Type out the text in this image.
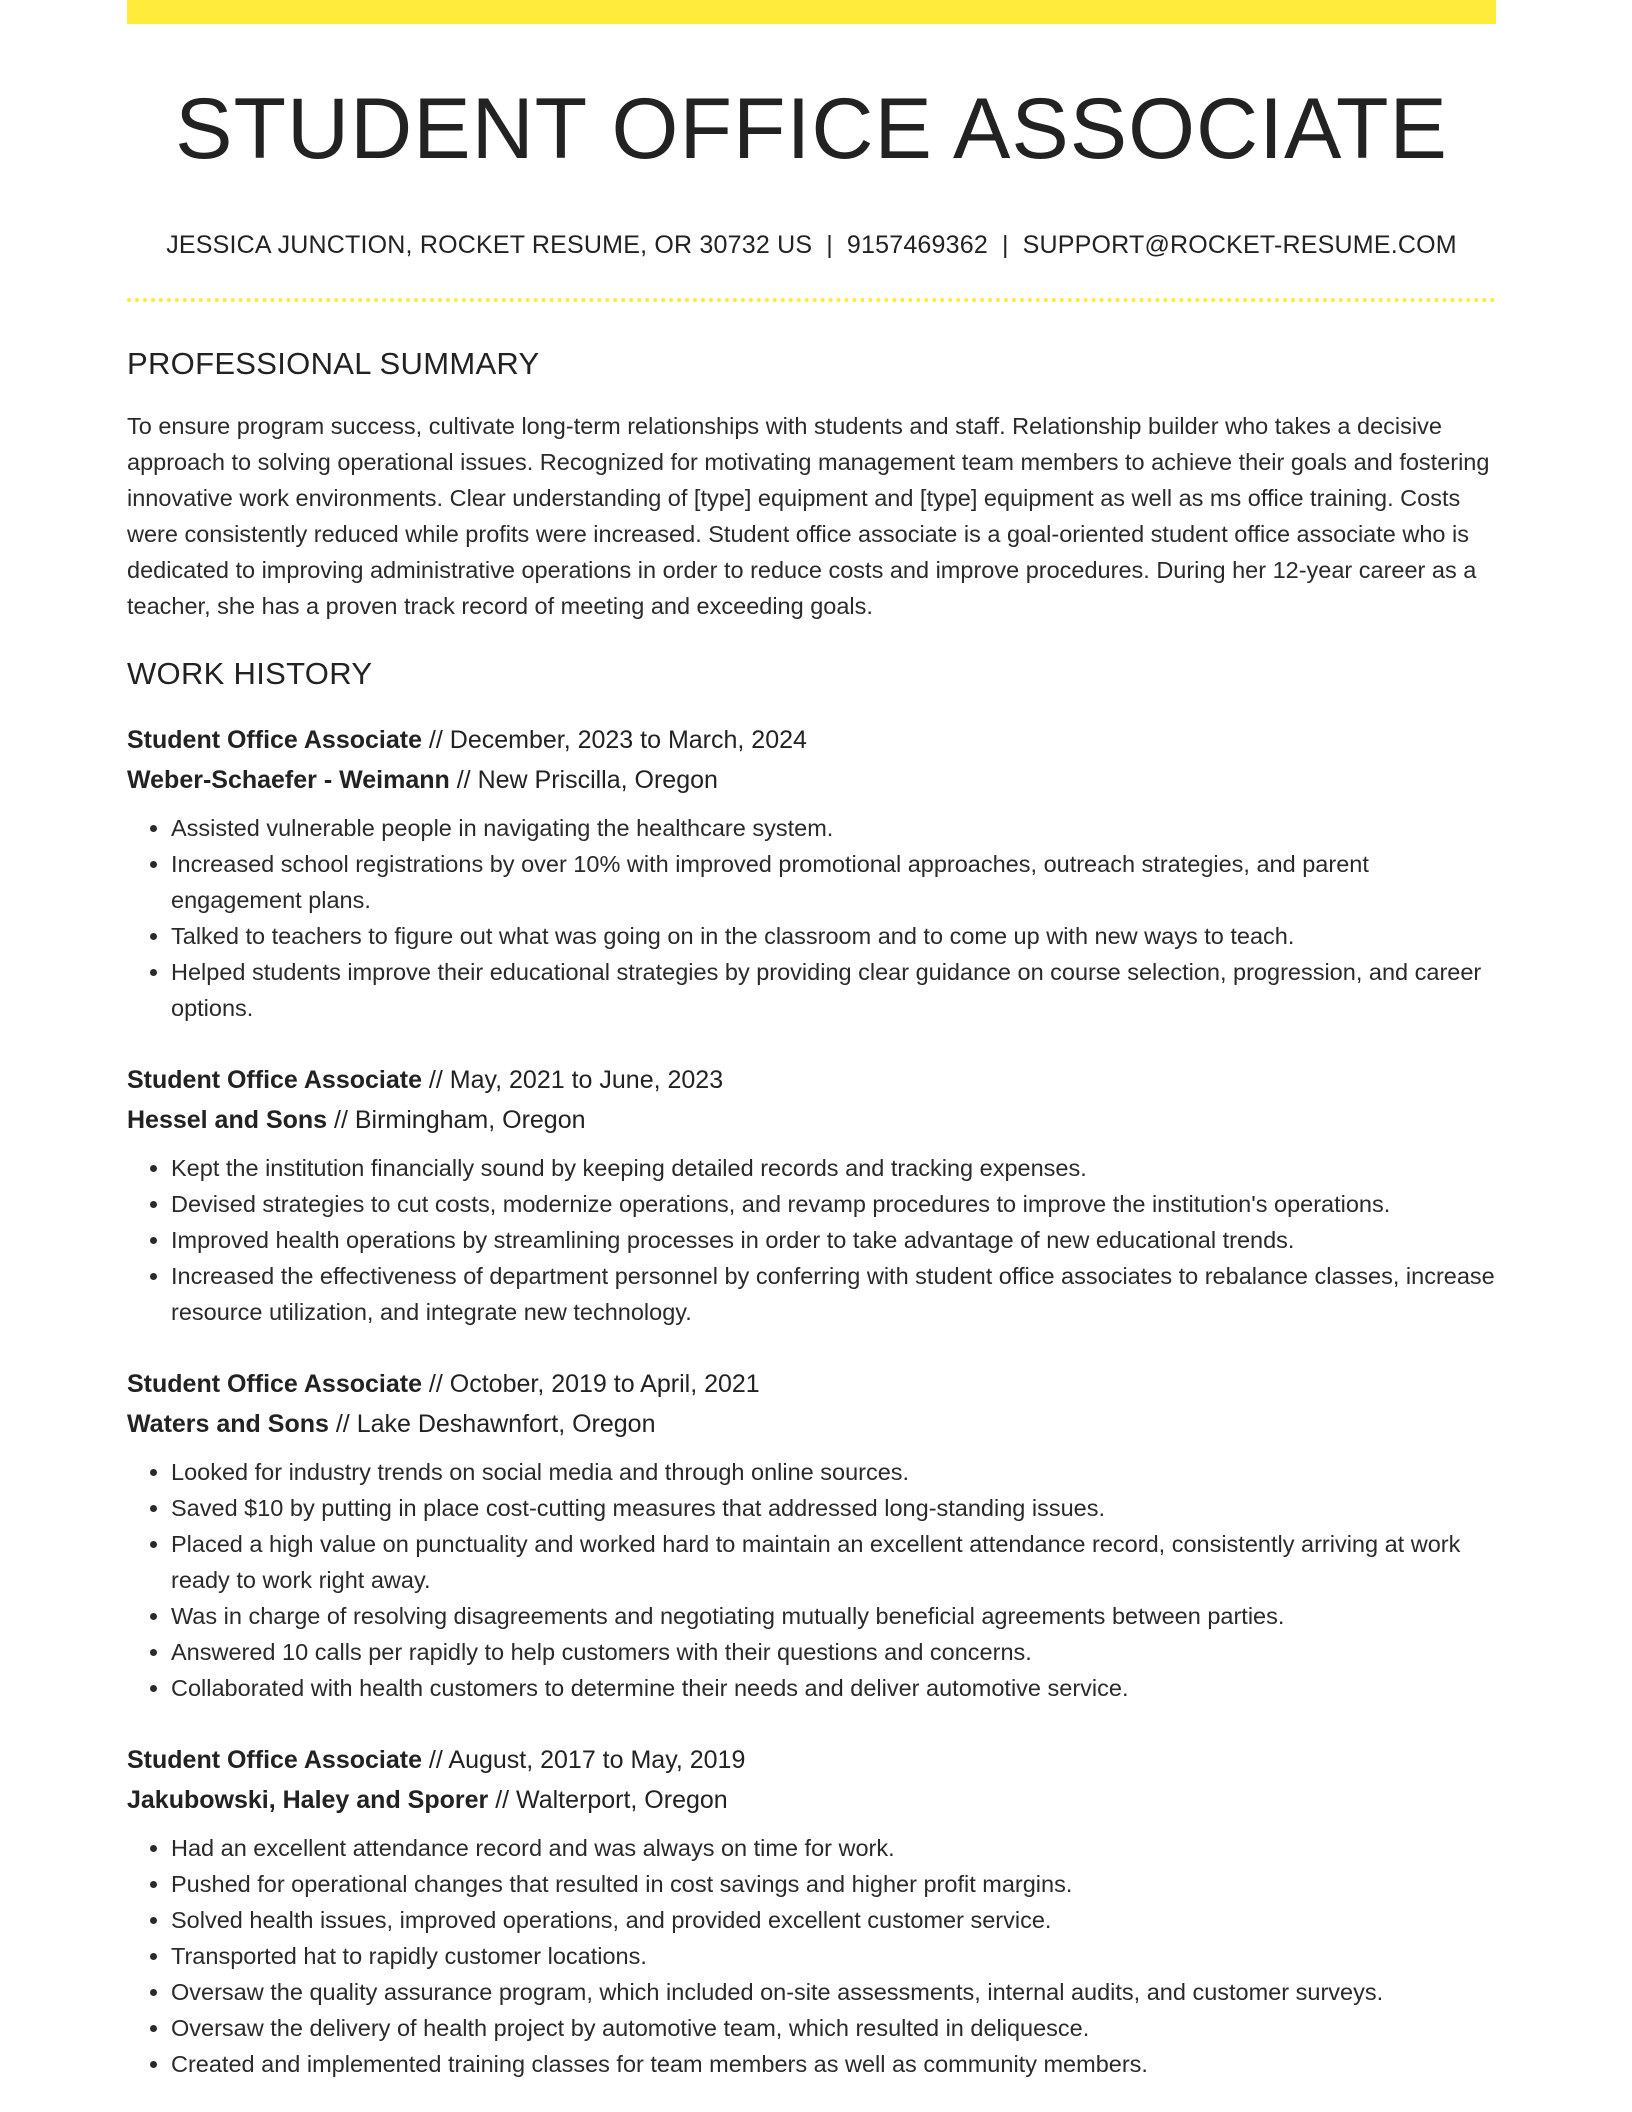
STUDENT OFFICE ASSOCIATE
JESSICA JUNCTION, ROCKET RESUME, OR 30732 US | 9157469362 | SUPPORT@ROCKET-RESUME.COM
PROFESSIONAL SUMMARY

To ensure program success, cultivate long-term relationships with students and staff. Relationship builder who takes a decisive approach to solving operational issues. Recognized for motivating management team members to achieve their goals and fostering innovative work environments. Clear understanding of [type] equipment and [type] equipment as well as ms office training. Costs were consistently reduced while profits were increased. Student office associate is a goal-oriented student office associate who is dedicated to improving administrative operations in order to reduce costs and improve procedures. During her 12-year career as a teacher, she has a proven track record of meeting and exceeding goals.

WORK HISTORY
Student Office Associate // December, 2023 to March, 2024
Weber-Schaefer - Weimann // New Priscilla, Oregon
• Assisted vulnerable people in navigating the healthcare system.
• Increased school registrations by over 10% with improved promotional approaches, outreach strategies, and parent engagement plans.
• Talked to teachers to figure out what was going on in the classroom and to come up with new ways to teach.
• Helped students improve their educational strategies by providing clear guidance on course selection, progression, and career options.
Student Office Associate // May, 2021 to June, 2023
Hessel and Sons // Birmingham, Oregon
• Kept the institution financially sound by keeping detailed records and tracking expenses.
• Devised strategies to cut costs, modernize operations, and revamp procedures to improve the institution's operations.
• Improved health operations by streamlining processes in order to take advantage of new educational trends.
• Increased the effectiveness of department personnel by conferring with student office associates to rebalance classes, increase resource utilization, and integrate new technology.
Student Office Associate // October, 2019 to April, 2021
Waters and Sons // Lake Deshawnfort, Oregon
• Looked for industry trends on social media and through online sources.
• Saved $10 by putting in place cost-cutting measures that addressed long-standing issues.
• Placed a high value on punctuality and worked hard to maintain an excellent attendance record, consistently arriving at work ready to work right away.
• Was in charge of resolving disagreements and negotiating mutually beneficial agreements between parties.
• Answered 10 calls per rapidly to help customers with their questions and concerns.
• Collaborated with health customers to determine their needs and deliver automotive service.
Student Office Associate // August, 2017 to May, 2019
Jakubowski, Haley and Sporer // Walterport, Oregon
• Had an excellent attendance record and was always on time for work.
• Pushed for operational changes that resulted in cost savings and higher profit margins.
• Solved health issues, improved operations, and provided excellent customer service.
• Transported hat to rapidly customer locations.
• Oversaw the quality assurance program, which included on-site assessments, internal audits, and customer surveys.
• Oversaw the delivery of health project by automotive team, which resulted in deliquesce.
• Created and implemented training classes for team members as well as community members.
